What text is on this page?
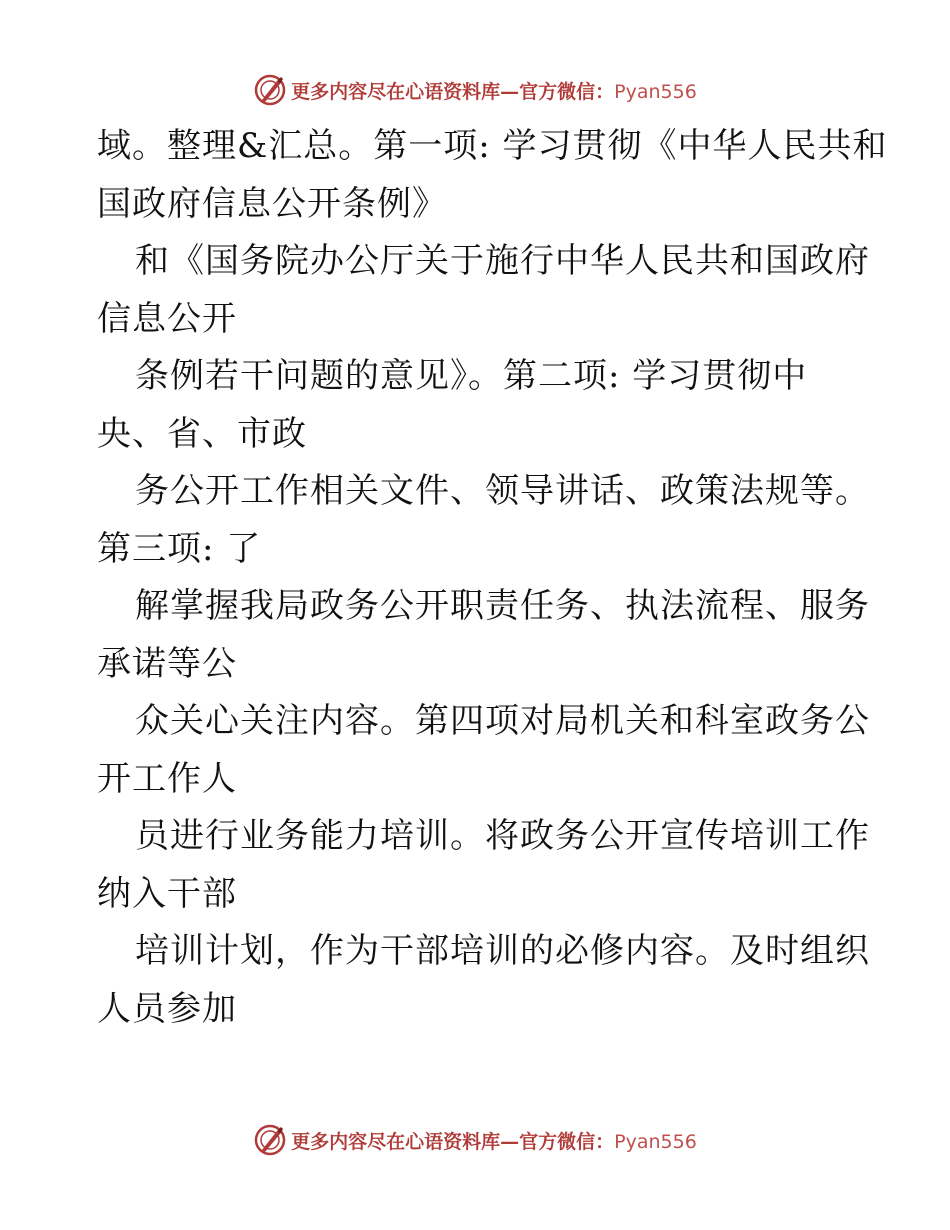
更多内容尽在心语资料库—官方微信：Pyan556
域。整理&汇总。第一项: 学习贯彻《中华人民共和
国政府信息公开条例》
和《国务院办公厅关于施行中华人民共和国政府
信息公开
条例若干问题的意见》。第二项: 学习贯彻中
央、省、市政
务公开工作相关文件、领导讲话、政策法规等。
第三项: 了
解掌握我局政务公开职责任务、执法流程、服务
承诺等公
众关心关注内容。第四项对局机关和科室政务公
开工作人
员进行业务能力培训。将政务公开宣传培训工作
纳入干部
培训计划，作为干部培训的必修内容。及时组织
人员参加
更多内容尽在心语资料库—官方微信：Pyan556
